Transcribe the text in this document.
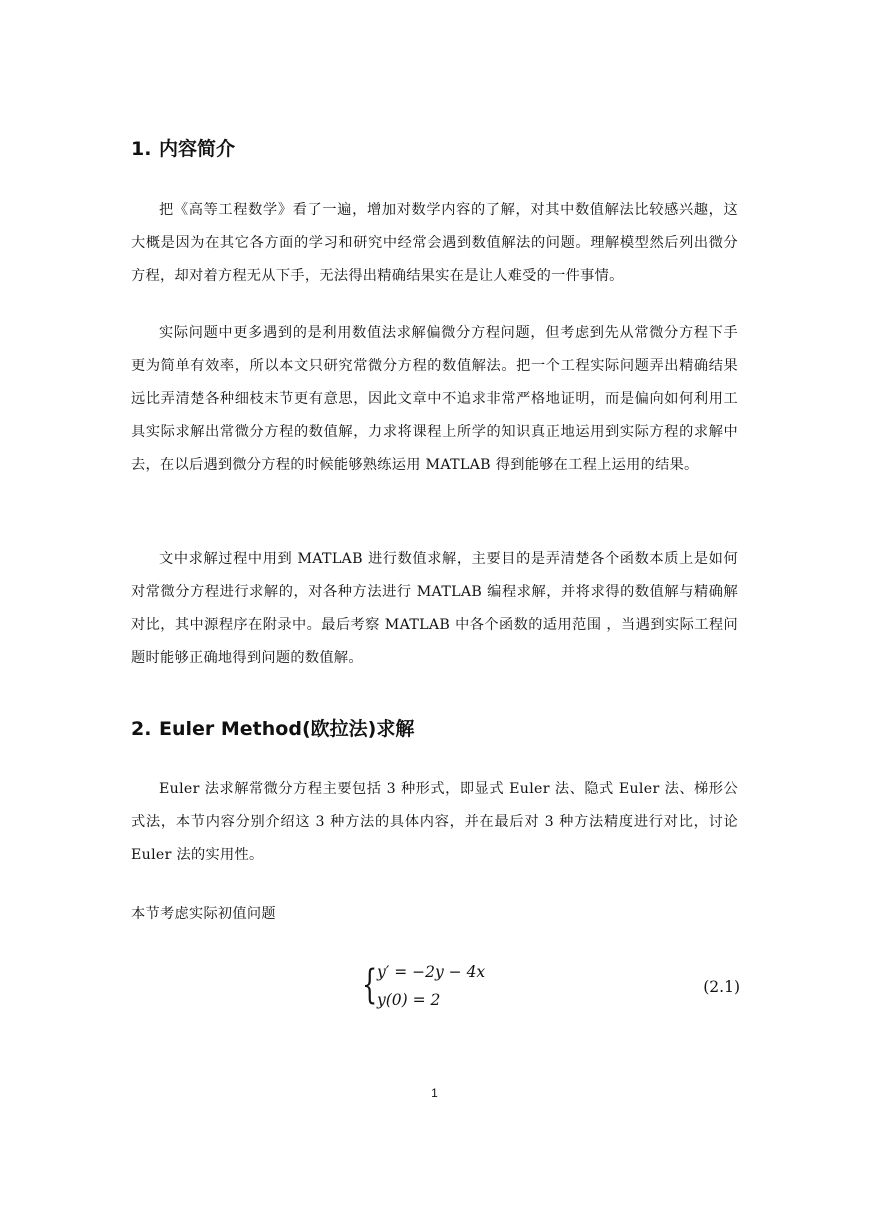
1. 内容简介

把《高等工程数学》看了一遍，增加对数学内容的了解，对其中数值解法比较感兴趣，这大概是因为在其它各方面的学习和研究中经常会遇到数值解法的问题。理解模型然后列出微分方程，却对着方程无从下手，无法得出精确结果实在是让人难受的一件事情。

实际问题中更多遇到的是利用数值法求解偏微分方程问题，但考虑到先从常微分方程下手更为简单有效率，所以本文只研究常微分方程的数值解法。把一个工程实际问题弄出精确结果远比弄清楚各种细枝末节更有意思，因此文章中不追求非常严格地证明，而是偏向如何利用工具实际求解出常微分方程的数值解，力求将课程上所学的知识真正地运用到实际方程的求解中去，在以后遇到微分方程的时候能够熟练运用 MATLAB 得到能够在工程上运用的结果。

文中求解过程中用到 MATLAB 进行数值求解，主要目的是弄清楚各个函数本质上是如何对常微分方程进行求解的，对各种方法进行 MATLAB 编程求解，并将求得的数值解与精确解对比，其中源程序在附录中。最后考察 MATLAB 中各个函数的适用范围 ，当遇到实际工程问题时能够正确地得到问题的数值解。

2. Euler Method(欧拉法)求解

Euler 法求解常微分方程主要包括 3 种形式，即显式 Euler 法、隐式 Euler 法、梯形公式法，本节内容分别介绍这 3 种方法的具体内容，并在最后对 3 种方法精度进行对比，讨论 Euler 法的实用性。

本节考虑实际初值问题

{ y′ = −2y − 4x
y(0) = 2
(2.1)
1
